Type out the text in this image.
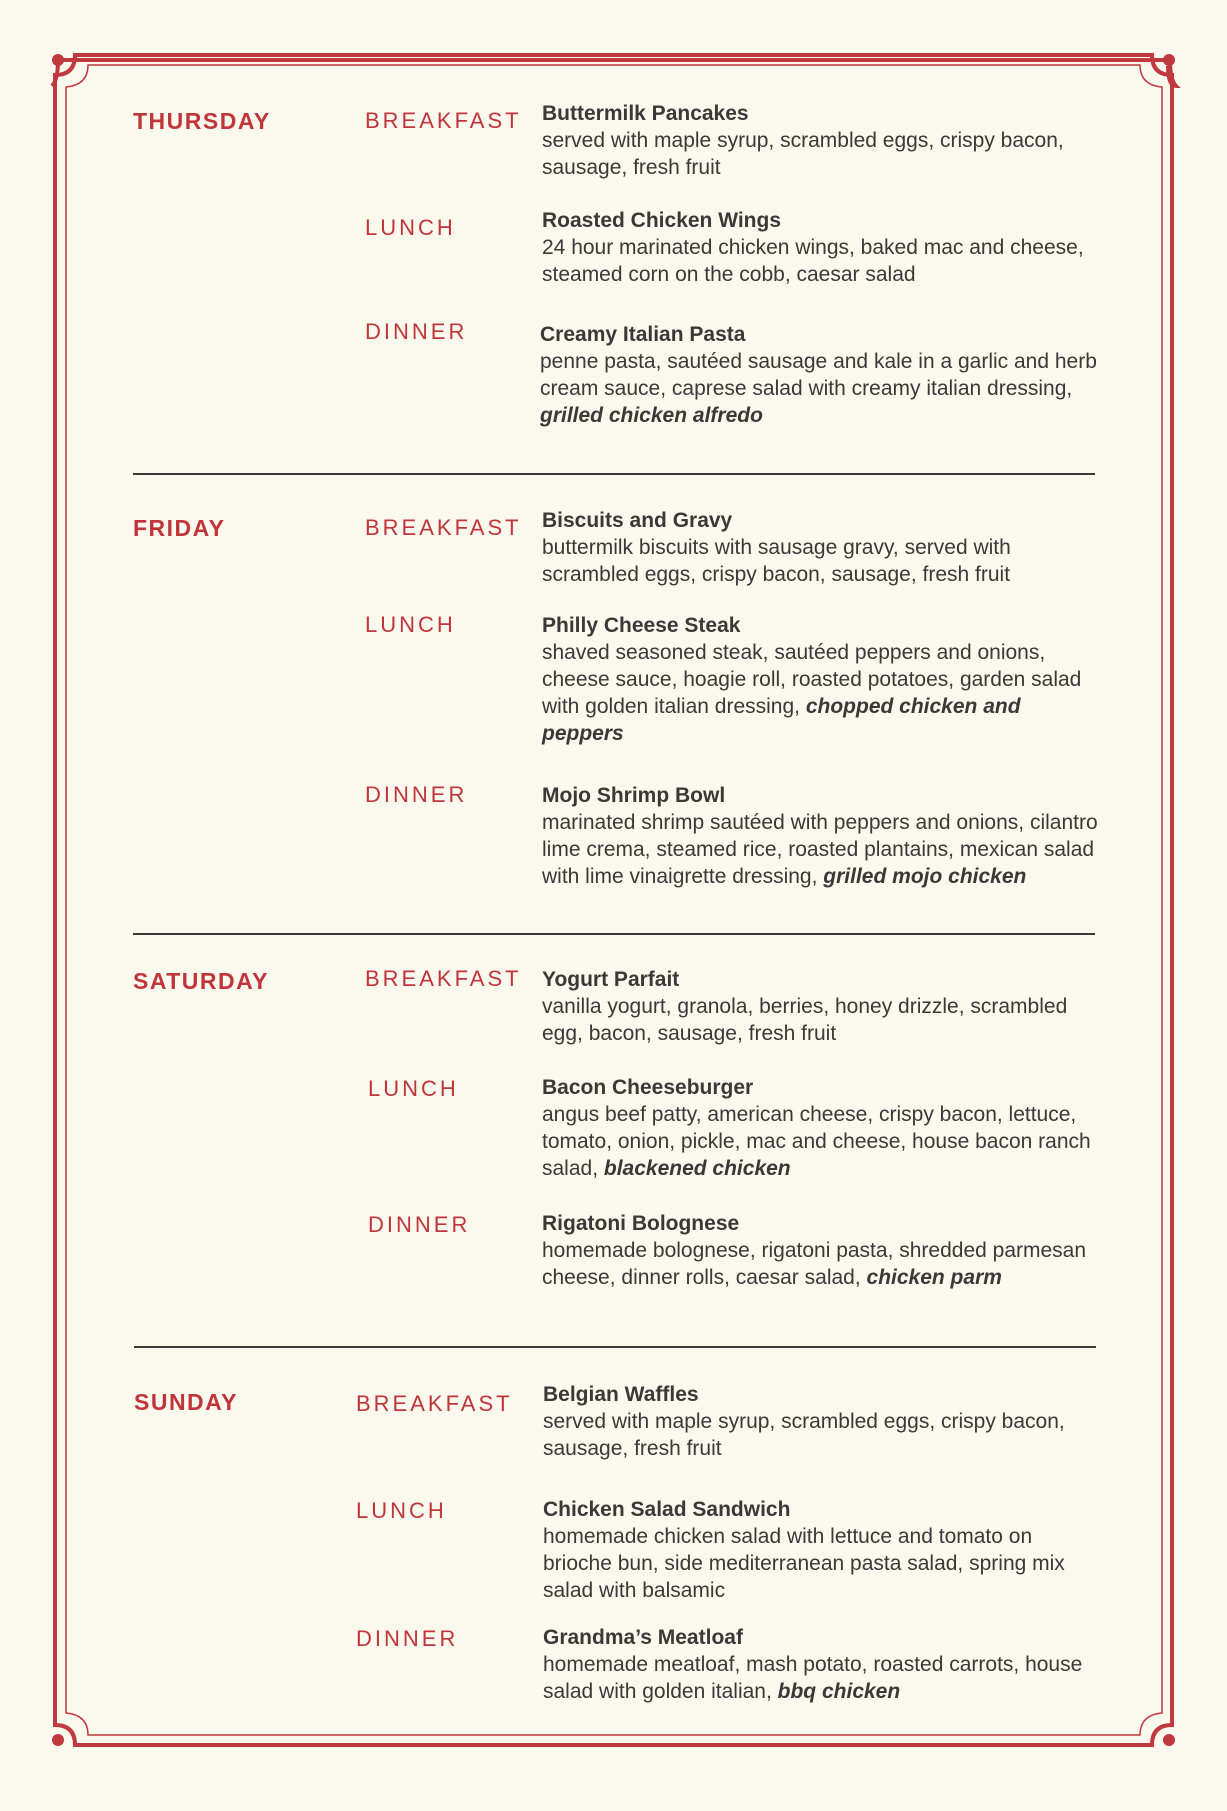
THURSDAY	BREAKFAST Buttermilk Pancakes
served with maple syrup, scrambled eggs, crispy bacon, sausage, fresh fruit
LUNCH	Roasted Chicken Wings
24 hour marinated chicken wings, baked mac and cheese, steamed corn on the cobb, caesar salad
DINNER	Creamy Italian Pasta
penne pasta, sautéed sausage and kale in a garlic and herb cream sauce, caprese salad with creamy italian dressing, grilled chicken alfredo
FRIDAY	BREAKFAST Biscuits and Gravy
buttermilk biscuits with sausage gravy, served with scrambled eggs, crispy bacon, sausage, fresh fruit
LUNCH	Philly Cheese Steak
shaved seasoned steak, sautéed peppers and onions, cheese sauce, hoagie roll, roasted potatoes, garden salad with golden italian dressing, chopped chicken and peppers
DINNER	Mojo Shrimp Bowl
marinated shrimp sautéed with peppers and onions, cilantro lime crema, steamed rice, roasted plantains, mexican salad with lime vinaigrette dressing, grilled mojo chicken
SATURDAY	BREAKFAST Yogurt Parfait
vanilla yogurt, granola, berries, honey drizzle, scrambled egg, bacon, sausage, fresh fruit
LUNCH	Bacon Cheeseburger
angus beef patty, american cheese, crispy bacon, lettuce, tomato, onion, pickle, mac and cheese, house bacon ranch salad, blackened chicken
DINNER	Rigatoni Bolognese
homemade bolognese, rigatoni pasta, shredded parmesan cheese, dinner rolls, caesar salad, chicken parm
SUNDAY	BREAKFAST Belgian Waffles
served with maple syrup, scrambled eggs, crispy bacon, sausage, fresh fruit
LUNCH	Chicken Salad Sandwich
homemade chicken salad with lettuce and tomato on brioche bun, side mediterranean pasta salad, spring mix salad with balsamic
DINNER	Grandma’s Meatloaf
homemade meatloaf, mash potato, roasted carrots, house salad with golden italian, bbq chicken
